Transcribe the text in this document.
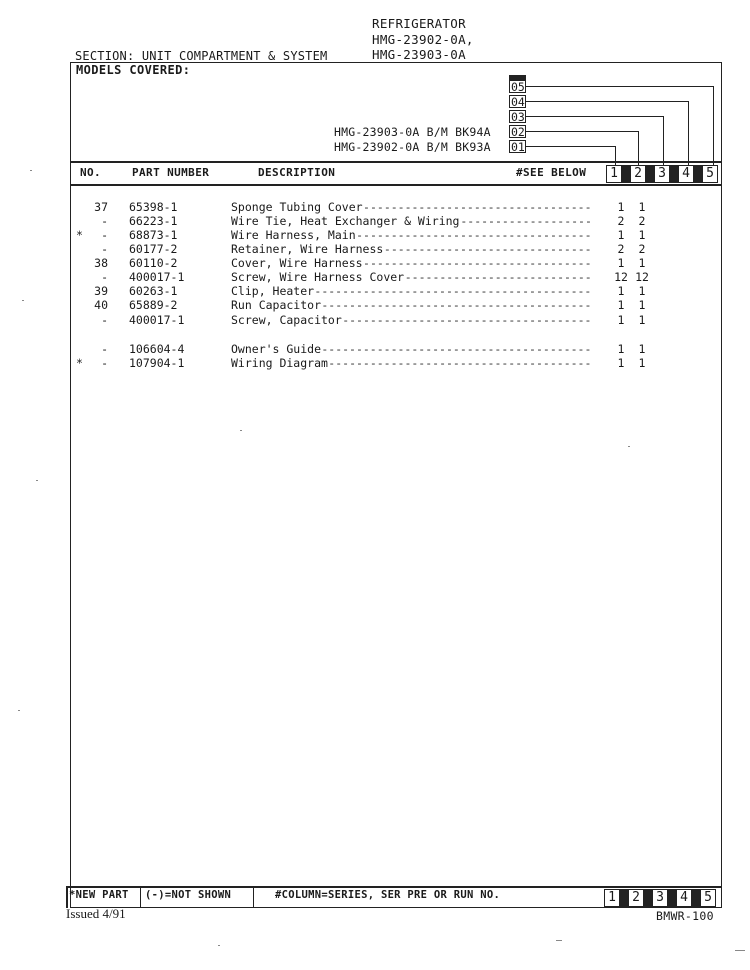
REFRIGERATOR
HMG-23902-0A,
HMG-23903-0A
SECTION: UNIT COMPARTMENT & SYSTEM
MODELS COVERED:
05
04
03
02
01
HMG-23903-0A B/M BK94A
HMG-23902-0A B/M BK93A
NO.	PART NUMBER	DESCRIPTION	#SEE BELOW	1	2	3	4	5
37 65398-1	Sponge Tubing Cover ---------------------------------	1	1
- 66223-1	Wire Tie, Heat Exchanger & Wiring -------------------	2	2
*	- 68873-1	Wire Harness, Main ----------------------------------	1	1
- 60177-2	Retainer, Wire Harness ------------------------------	2	2
38 60110-2	Cover, Wire Harness ---------------------------------	1	1
- 400017-1	Screw, Wire Harness Cover ---------------------------	12 12
39 60263-1	Clip, Heater ----------------------------------------	1	1
40 65889-2	Run Capacitor ---------------------------------------	1	1
- 400017-1	Screw, Capacitor ------------------------------------	1	1
- 106604-4	Owner's Guide ---------------------------------------	1	1
*	- 107904-1	Wiring Diagram --------------------------------------	1	1
*NEW PART (-)=NOT SHOWN	#COLUMN=SERIES, SER PRE OR RUN NO.	1	2	3	4	5
Issued 4/91	BMWR-100
